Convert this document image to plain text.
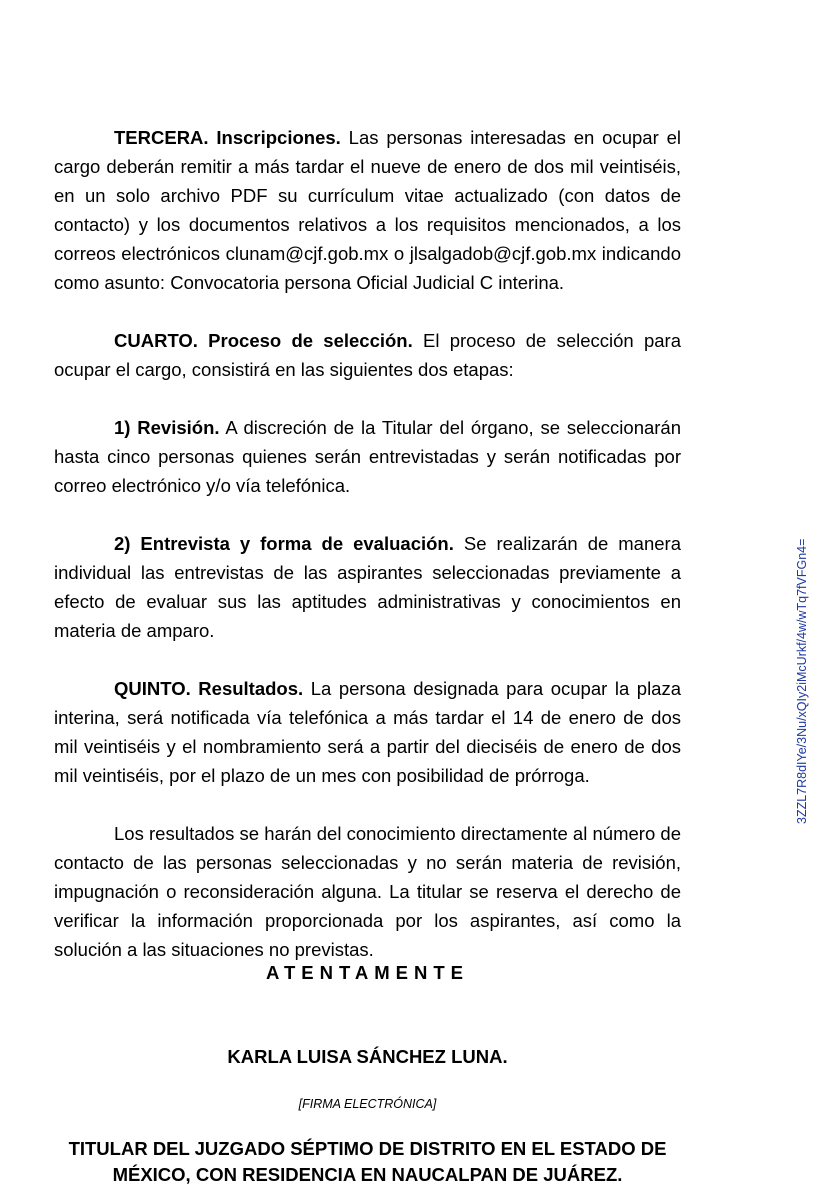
TERCERA. Inscripciones. Las personas interesadas en ocupar el cargo deberán remitir a más tardar el nueve de enero de dos mil veintiséis, en un solo archivo PDF su currículum vitae actualizado (con datos de contacto) y los documentos relativos a los requisitos mencionados, a los correos electrónicos clunam@cjf.gob.mx o jlsalgadob@cjf.gob.mx indicando como asunto: Convocatoria persona Oficial Judicial C interina.

CUARTO. Proceso de selección. El proceso de selección para ocupar el cargo, consistirá en las siguientes dos etapas:

1) Revisión. A discreción de la Titular del órgano, se seleccionarán hasta cinco personas quienes serán entrevistadas y serán notificadas por correo electrónico y/o vía telefónica.

2) Entrevista y forma de evaluación. Se realizarán de manera individual las entrevistas de las aspirantes seleccionadas previamente a efecto de evaluar sus las aptitudes administrativas y conocimientos en materia de amparo.

QUINTO. Resultados. La persona designada para ocupar la plaza interina, será notificada vía telefónica a más tardar el 14 de enero de dos mil veintiséis y el nombramiento será a partir del dieciséis de enero de dos mil veintiséis, por el plazo de un mes con posibilidad de prórroga.

Los resultados se harán del conocimiento directamente al número de contacto de las personas seleccionadas y no serán materia de revisión, impugnación o reconsideración alguna. La titular se reserva el derecho de verificar la información proporcionada por los aspirantes, así como la solución a las situaciones no previstas.

ATENTAMENTE
KARLA LUISA SÁNCHEZ LUNA.
[FIRMA ELECTRÓNICA]
TITULAR DEL JUZGADO SÉPTIMO DE DISTRITO EN EL ESTADO DE
MÉXICO, CON RESIDENCIA EN NAUCALPAN DE JUÁREZ.
3ZZL7R8dIYe/3Nu/xQIy2iMcUrkf/4w/wTq7fVFGn4=
